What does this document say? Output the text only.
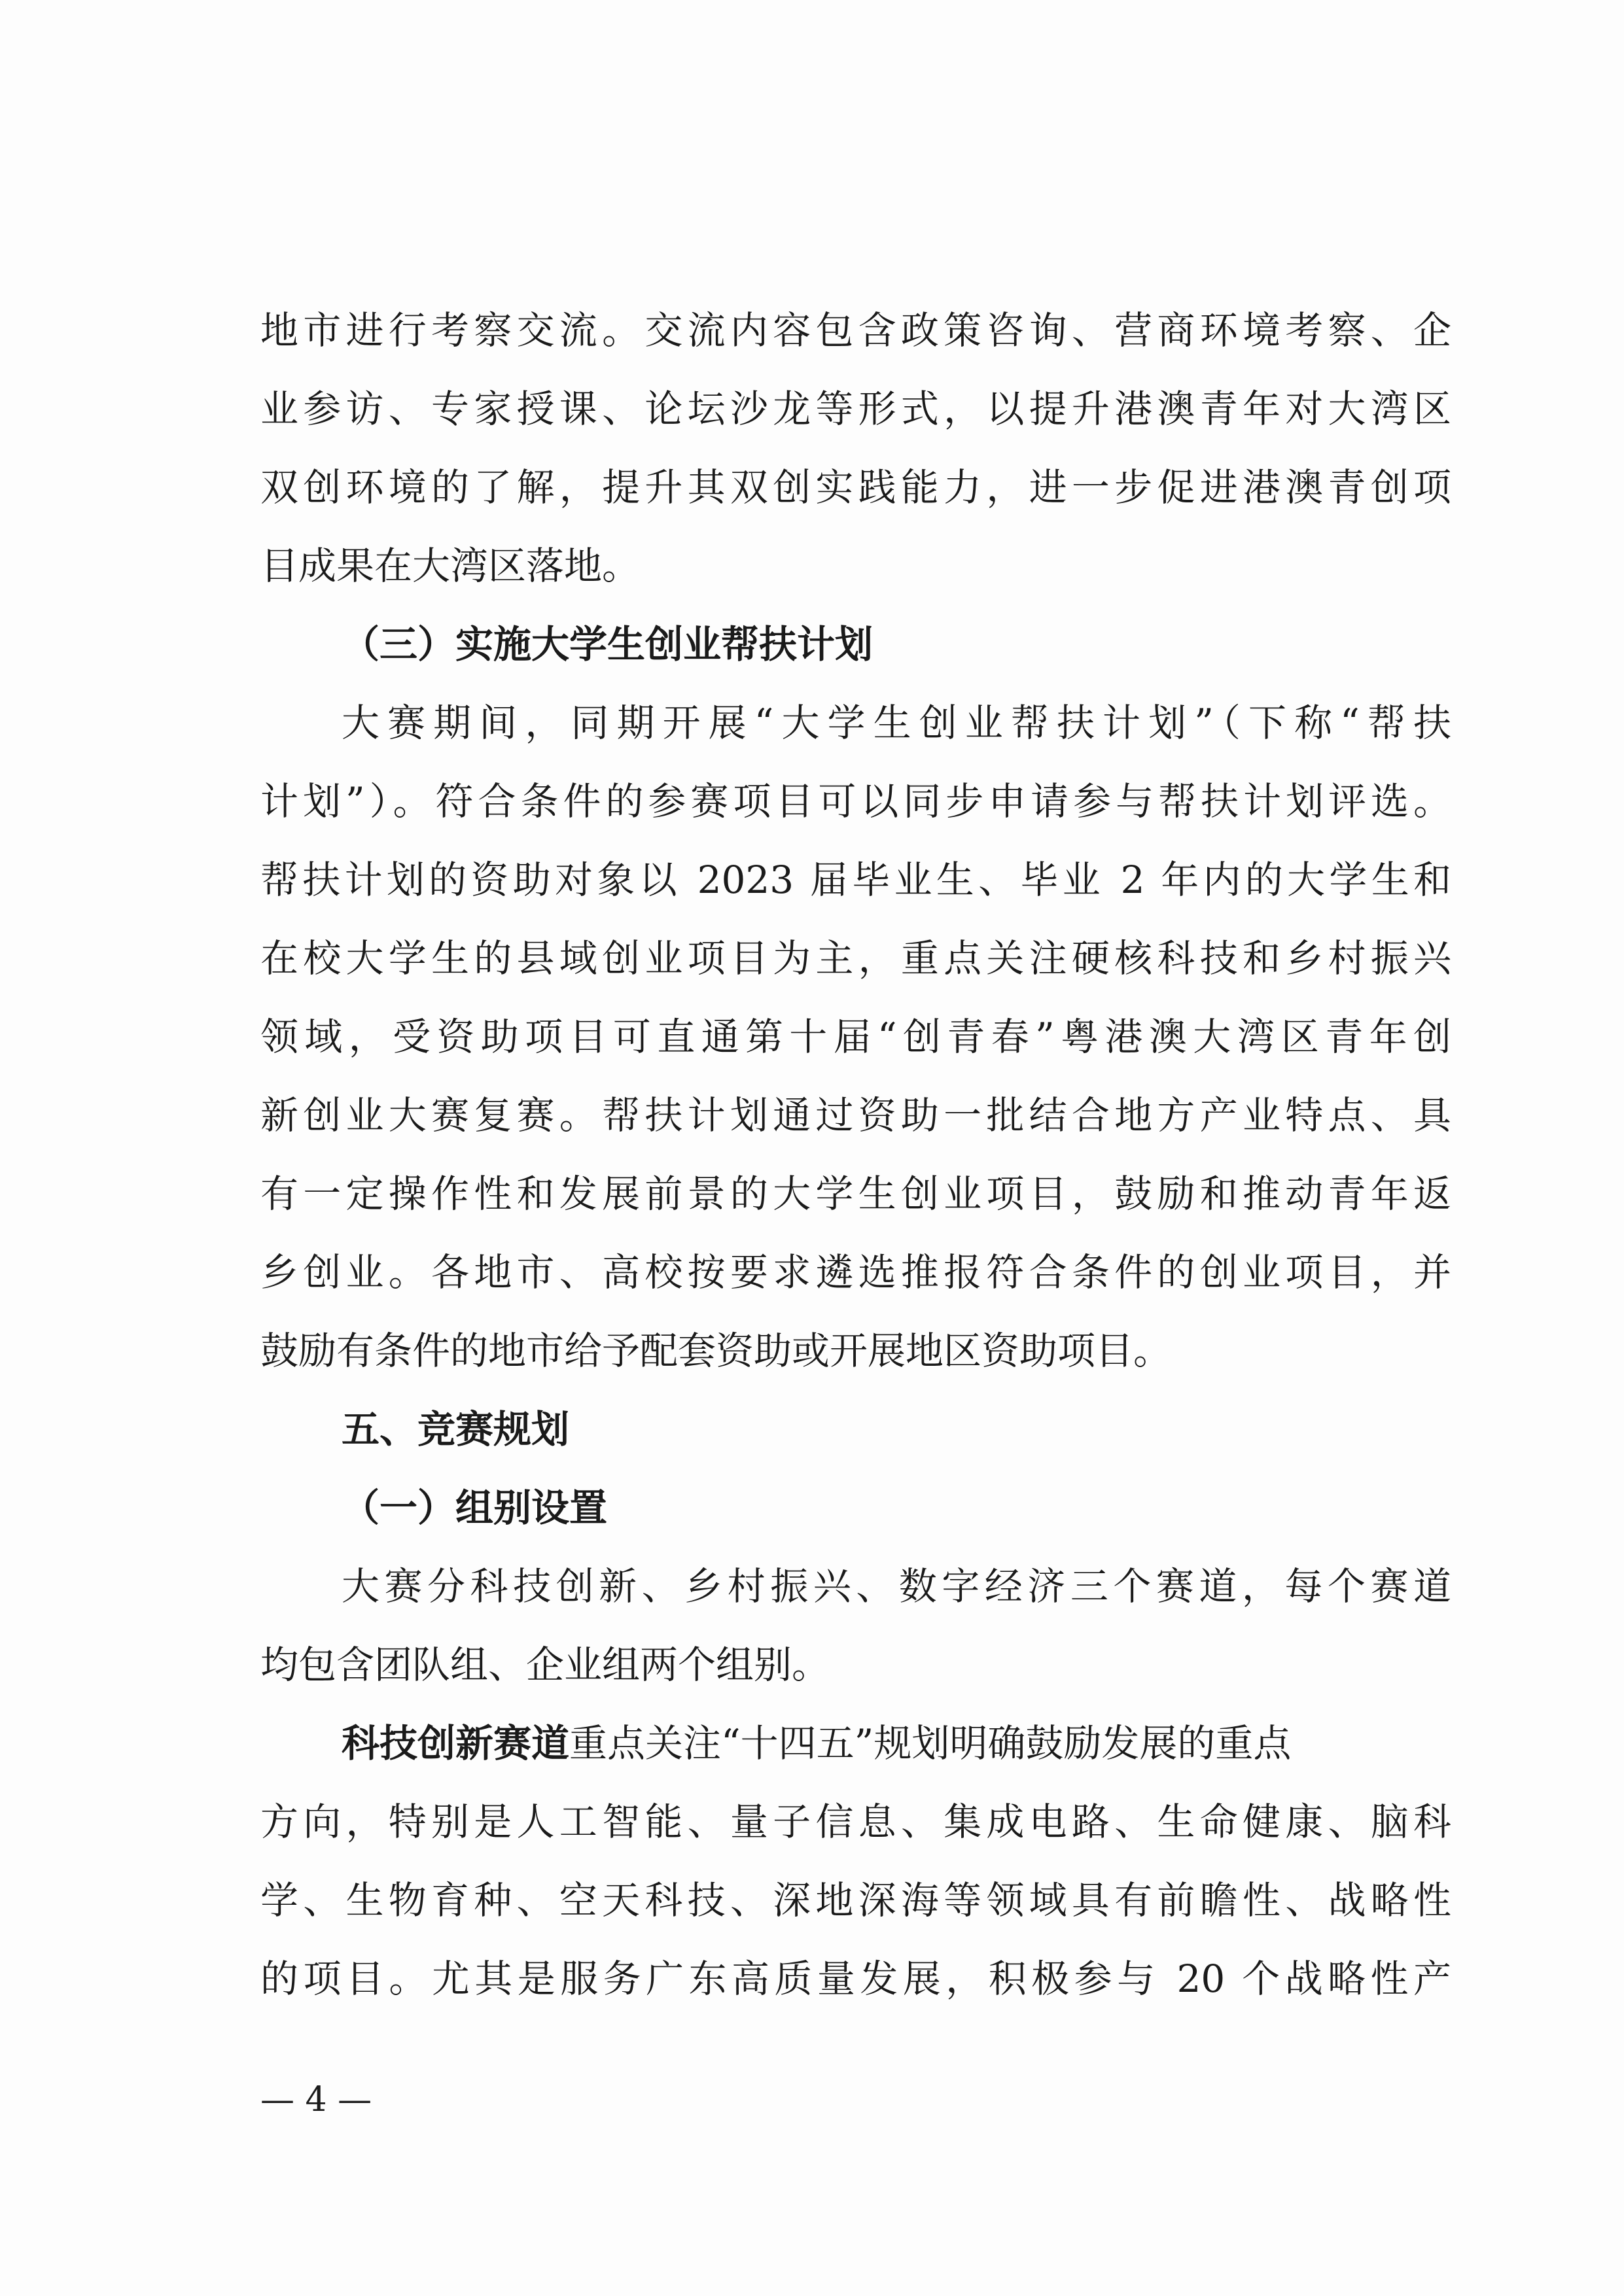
地市进行考察交流。交流内容包含政策咨询、营商环境考察、企
业参访、专家授课、论坛沙龙等形式，以提升港澳青年对大湾区
双创环境的了解，提升其双创实践能力，进一步促进港澳青创项
目成果在大湾区落地。
（三）实施大学生创业帮扶计划
大赛期间，同期开展“大学生创业帮扶计划”（下称“帮扶
计划”）。符合条件的参赛项目可以同步申请参与帮扶计划评选。
帮扶计划的资助对象以 2023 届毕业生、毕业 2 年内的大学生和
在校大学生的县域创业项目为主，重点关注硬核科技和乡村振兴
领域，受资助项目可直通第十届“创青春”粤港澳大湾区青年创
新创业大赛复赛。帮扶计划通过资助一批结合地方产业特点、具
有一定操作性和发展前景的大学生创业项目，鼓励和推动青年返
乡创业。各地市、高校按要求遴选推报符合条件的创业项目，并
鼓励有条件的地市给予配套资助或开展地区资助项目。
五、竞赛规划
（一）组别设置
大赛分科技创新、乡村振兴、数字经济三个赛道，每个赛道
均包含团队组、企业组两个组别。
科技创新赛道重点关注“十四五”规划明确鼓励发展的重点
方向，特别是人工智能、量子信息、集成电路、生命健康、脑科
学、生物育种、空天科技、深地深海等领域具有前瞻性、战略性
的项目。尤其是服务广东高质量发展，积极参与 20 个战略性产
— 4 —
